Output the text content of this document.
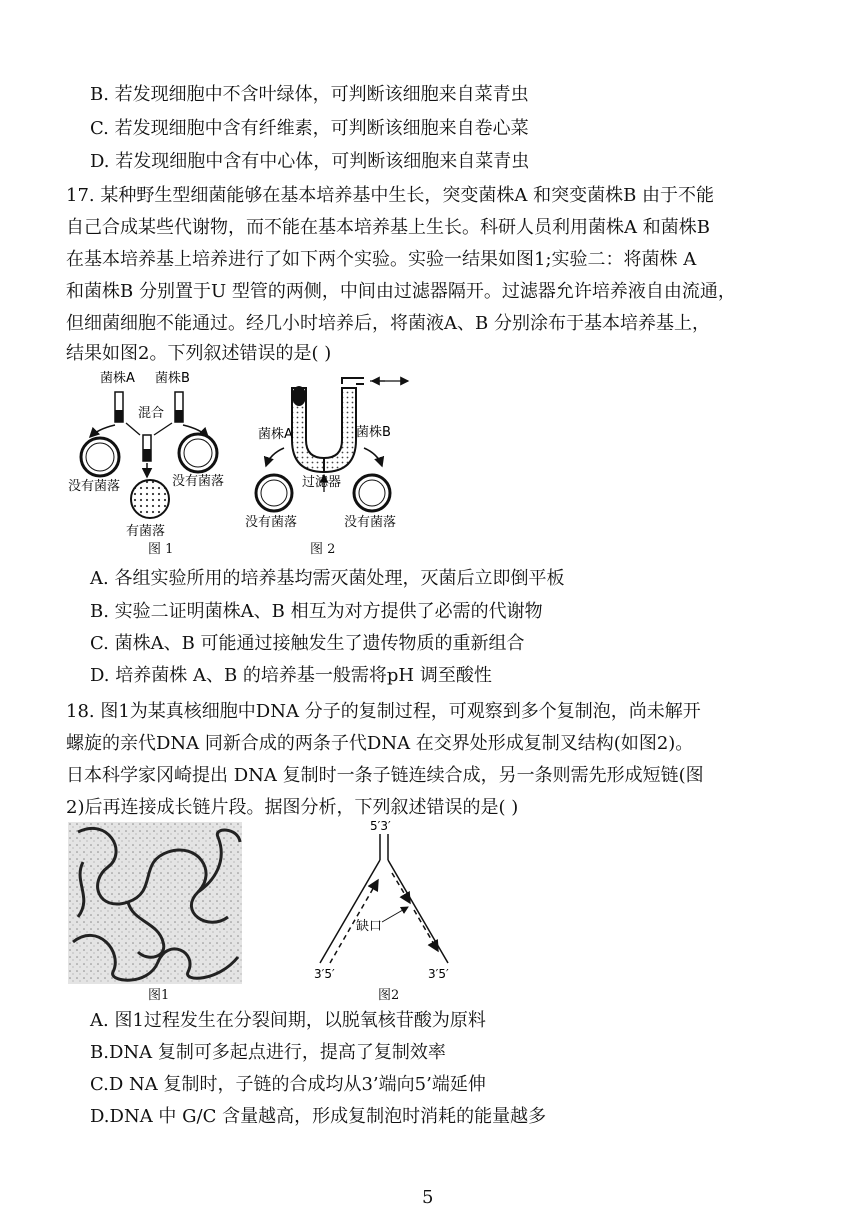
B. 若发现细胞中不含叶绿体，可判断该细胞来自菜青虫
C. 若发现细胞中含有纤维素，可判断该细胞来自卷心菜
D. 若发现细胞中含有中心体，可判断该细胞来自菜青虫
17. 某种野生型细菌能够在基本培养基中生长，突变菌株A 和突变菌株B 由于不能
自己合成某些代谢物，而不能在基本培养基上生长。科研人员利用菌株A 和菌株B
在基本培养基上培养进行了如下两个实验。实验一结果如图1;实验二：将菌株 A
和菌株B 分别置于U 型管的两侧，中间由过滤器隔开。过滤器允许培养液自由流通，
但细菌细胞不能通过。经几小时培养后，将菌液A、B 分别涂布于基本培养基上，
结果如图2。下列叙述错误的是( )
菌株A 菌株B
混合
没有菌落	没有菌落
有菌落
图 1
菌株A	菌株B
过滤器
没有菌落	没有菌落
图 2
A. 各组实验所用的培养基均需灭菌处理，灭菌后立即倒平板
B. 实验二证明菌株A、B 相互为对方提供了必需的代谢物
C. 菌株A、B 可能通过接触发生了遗传物质的重新组合
D. 培养菌株 A、B 的培养基一般需将pH 调至酸性
18. 图1为某真核细胞中DNA 分子的复制过程，可观察到多个复制泡，尚未解开
螺旋的亲代DNA 同新合成的两条子代DNA 在交界处形成复制叉结构(如图2)。
日本科学家冈崎提出 DNA 复制时一条子链连续合成，另一条则需先形成短链(图
2)后再连接成长链片段。据图分析，下列叙述错误的是( )
图1
5′3′
缺口
3′5′	3′5′
图2
A. 图1过程发生在分裂间期，以脱氧核苷酸为原料
B.DNA 复制可多起点进行，提高了复制效率
C.D NA 复制时，子链的合成均从3’端向5’端延伸
D.DNA 中 G/C 含量越高，形成复制泡时消耗的能量越多
5
